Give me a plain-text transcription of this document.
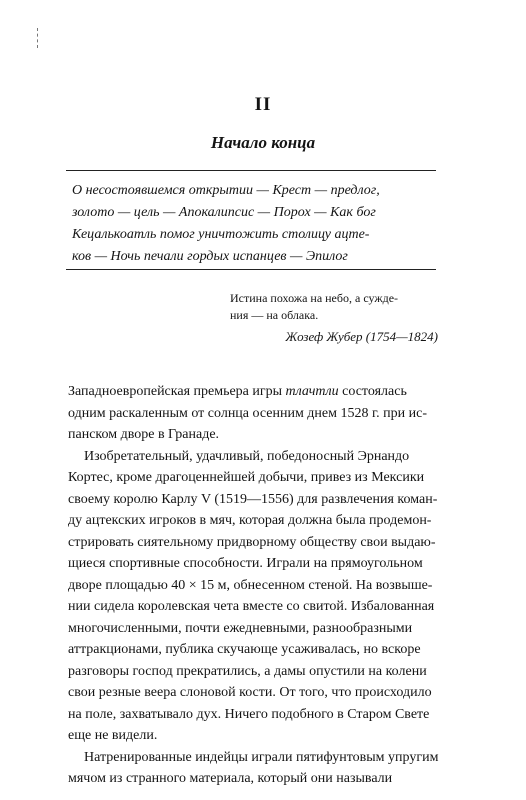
II
Начало конца
О несостоявшемся открытии — Крест — предлог,
золото — цель — Апокалипсис — Порох — Как бог
Кецалькоатль помог уничтожить столицу ацте-
ков — Ночь печали гордых испанцев — Эпилог
Истина похожа на небо, а сужде-
ния — на облака.
Жозеф Жубер (1754—1824)
Западноевропейская премьера игры тлачтли состоялась
одним раскаленным от солнца осенним днем 1528 г. при ис-
панском дворе в Гранаде.
Изобретательный, удачливый, победоносный Эрнандо
Кортес, кроме драгоценнейшей добычи, привез из Мексики
своему королю Карлу V (1519—1556) для развлечения коман-
ду ацтекских игроков в мяч, которая должна была продемон-
стрировать сиятельному придворному обществу свои выдаю-
щиеся спортивные способности. Играли на прямоугольном
дворе площадью 40 × 15 м, обнесенном стеной. На возвыше-
нии сидела королевская чета вместе со свитой. Избалованная
многочисленными, почти ежедневными, разнообразными
аттракционами, публика скучающе усаживалась, но вскоре
разговоры господ прекратились, а дамы опустили на колени
свои резные веера слоновой кости. От того, что происходило
на поле, захватывало дух. Ничего подобного в Старом Свете
еще не видели.
Натренированные индейцы играли пятифунтовым упругим
мячом из странного материала, который они называли
